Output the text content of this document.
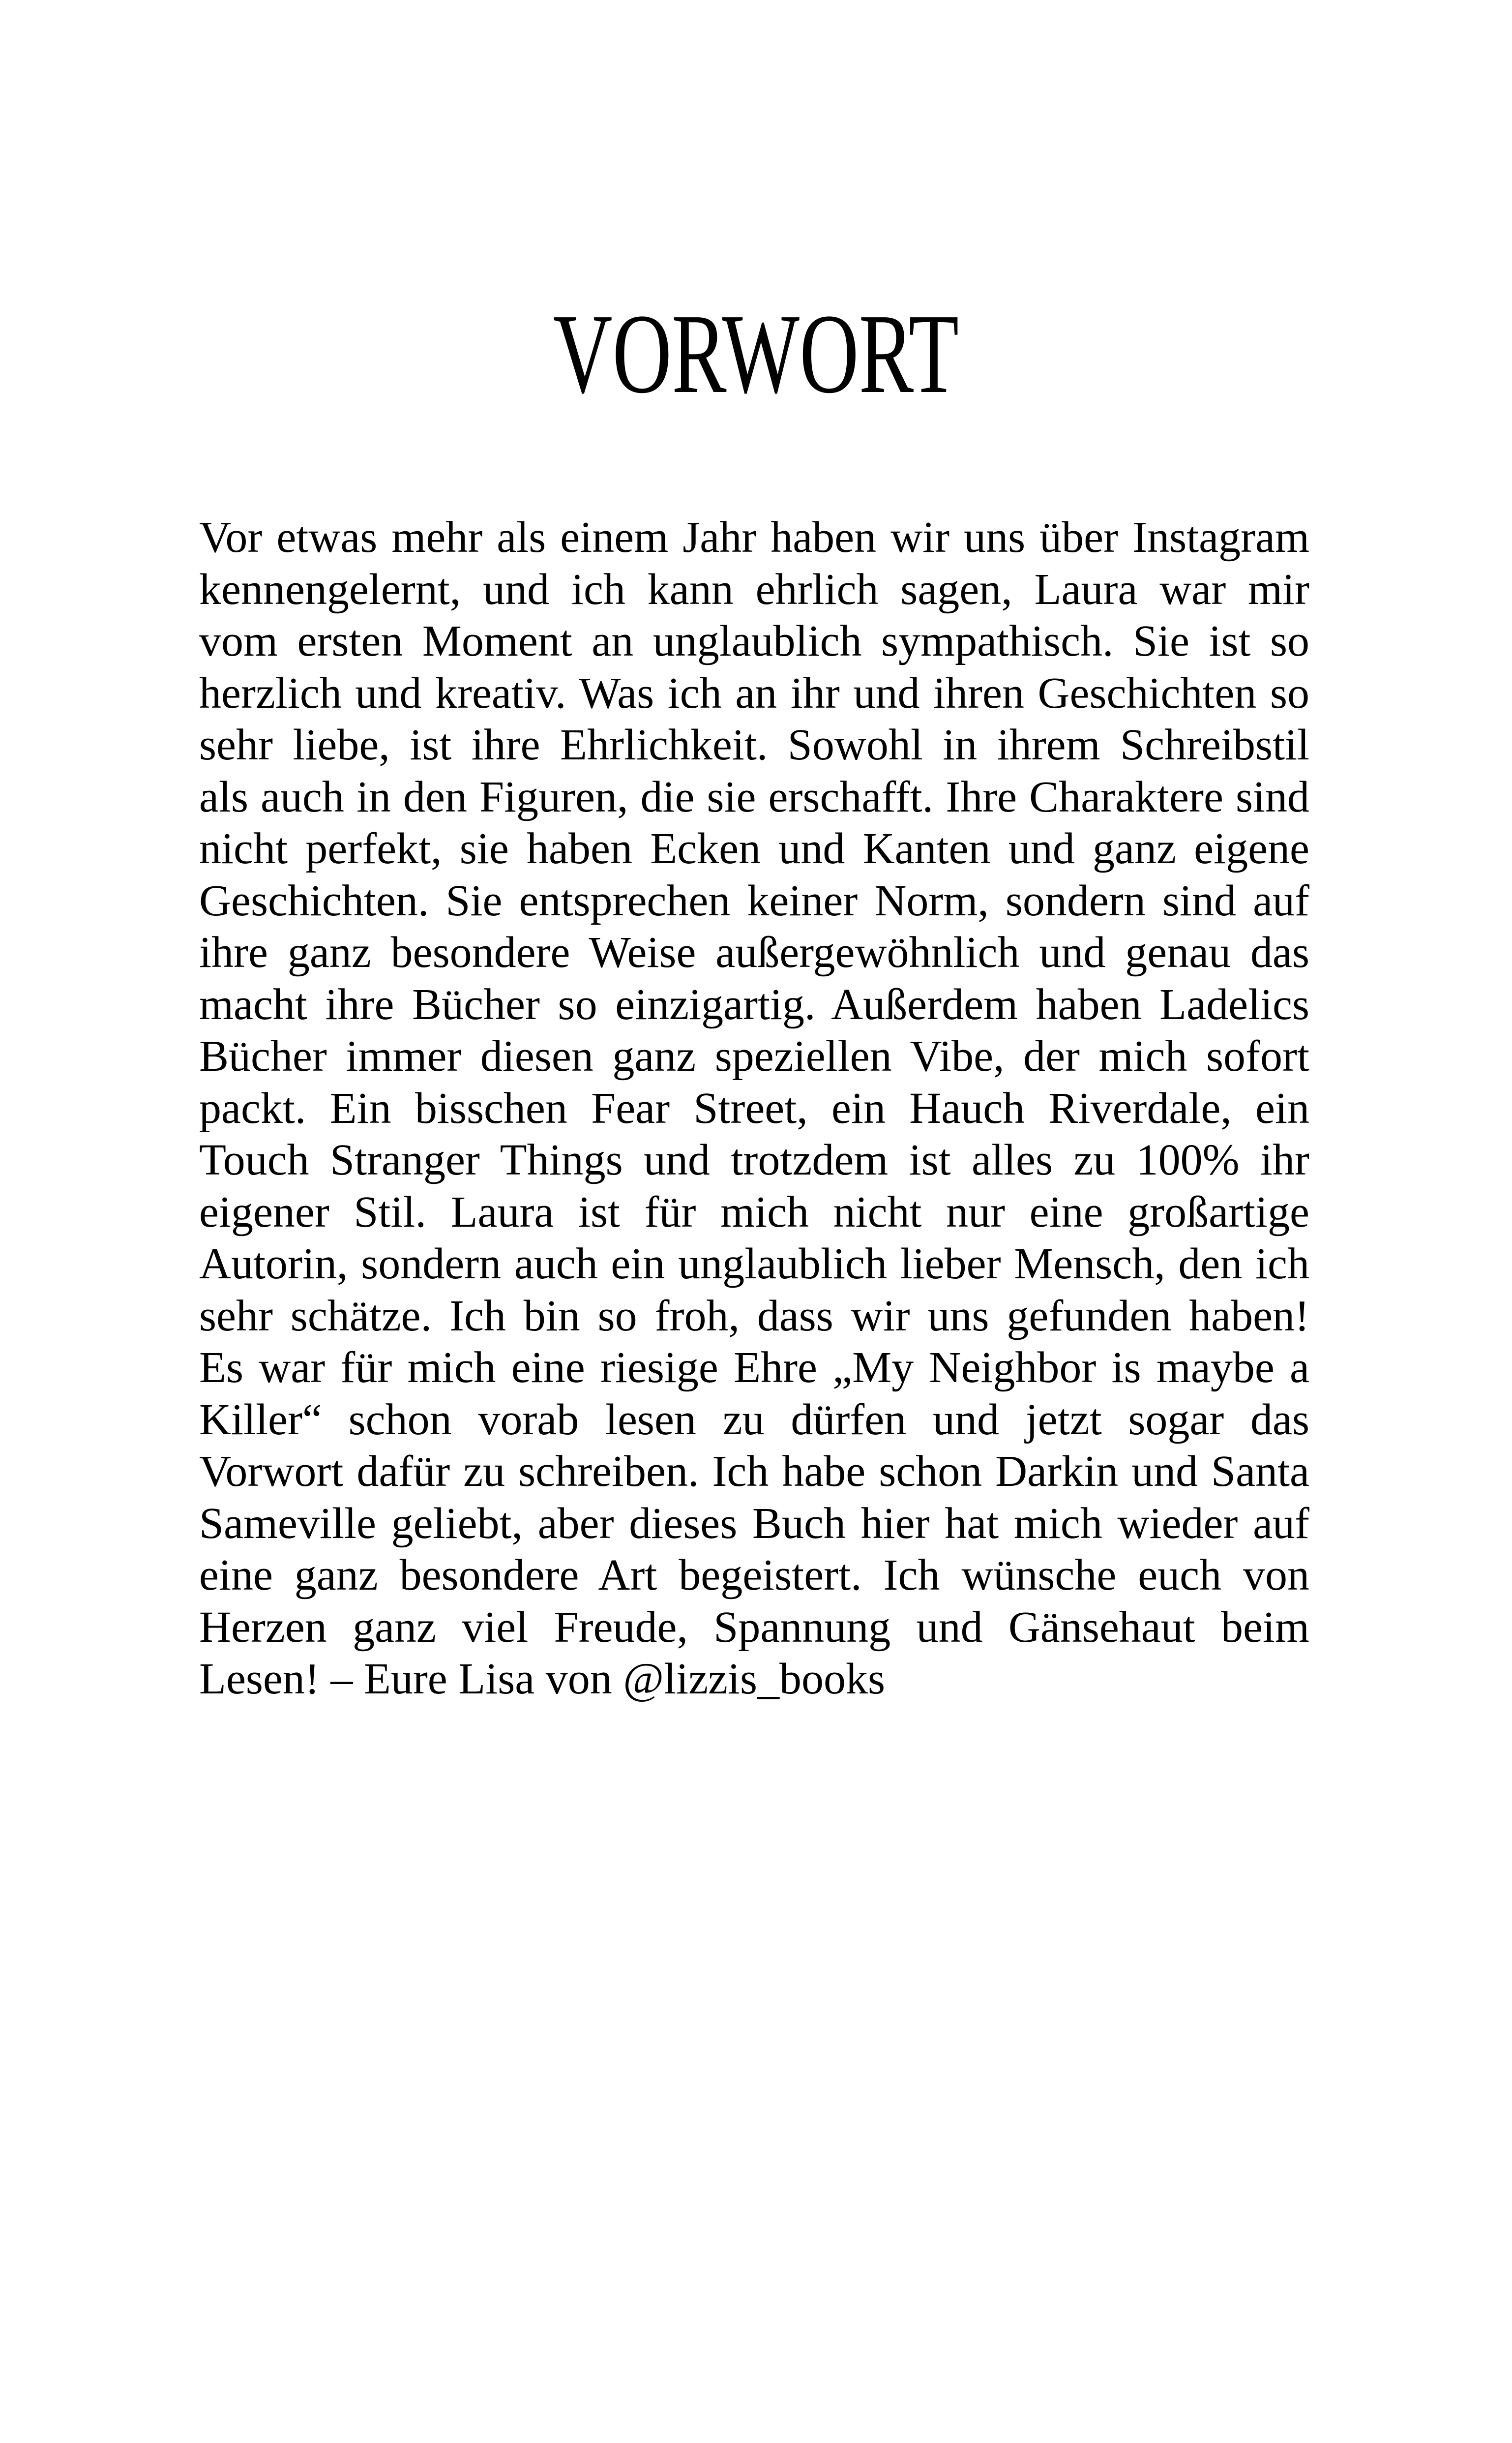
VORWORT
Vor etwas mehr als einem Jahr haben wir uns über Instagram
kennengelernt, und ich kann ehrlich sagen, Laura war mir
vom ersten Moment an unglaublich sympathisch. Sie ist so
herzlich und kreativ. Was ich an ihr und ihren Geschichten so
sehr liebe, ist ihre Ehrlichkeit. Sowohl in ihrem Schreibstil
als auch in den Figuren, die sie erschafft. Ihre Charaktere sind
nicht perfekt, sie haben Ecken und Kanten und ganz eigene
Geschichten. Sie entsprechen keiner Norm, sondern sind auf
ihre ganz besondere Weise außergewöhnlich und genau das
macht ihre Bücher so einzigartig. Außerdem haben Ladelics
Bücher immer diesen ganz speziellen Vibe, der mich sofort
packt. Ein bisschen Fear Street, ein Hauch Riverdale, ein
Touch Stranger Things und trotzdem ist alles zu 100% ihr
eigener Stil. Laura ist für mich nicht nur eine großartige
Autorin, sondern auch ein unglaublich lieber Mensch, den ich
sehr schätze. Ich bin so froh, dass wir uns gefunden haben!
Es war für mich eine riesige Ehre „My Neighbor is maybe a
Killer“ schon vorab lesen zu dürfen und jetzt sogar das
Vorwort dafür zu schreiben. Ich habe schon Darkin und Santa
Sameville geliebt, aber dieses Buch hier hat mich wieder auf
eine ganz besondere Art begeistert. Ich wünsche euch von
Herzen ganz viel Freude, Spannung und Gänsehaut beim
Lesen! – Eure Lisa von @lizzis_books
